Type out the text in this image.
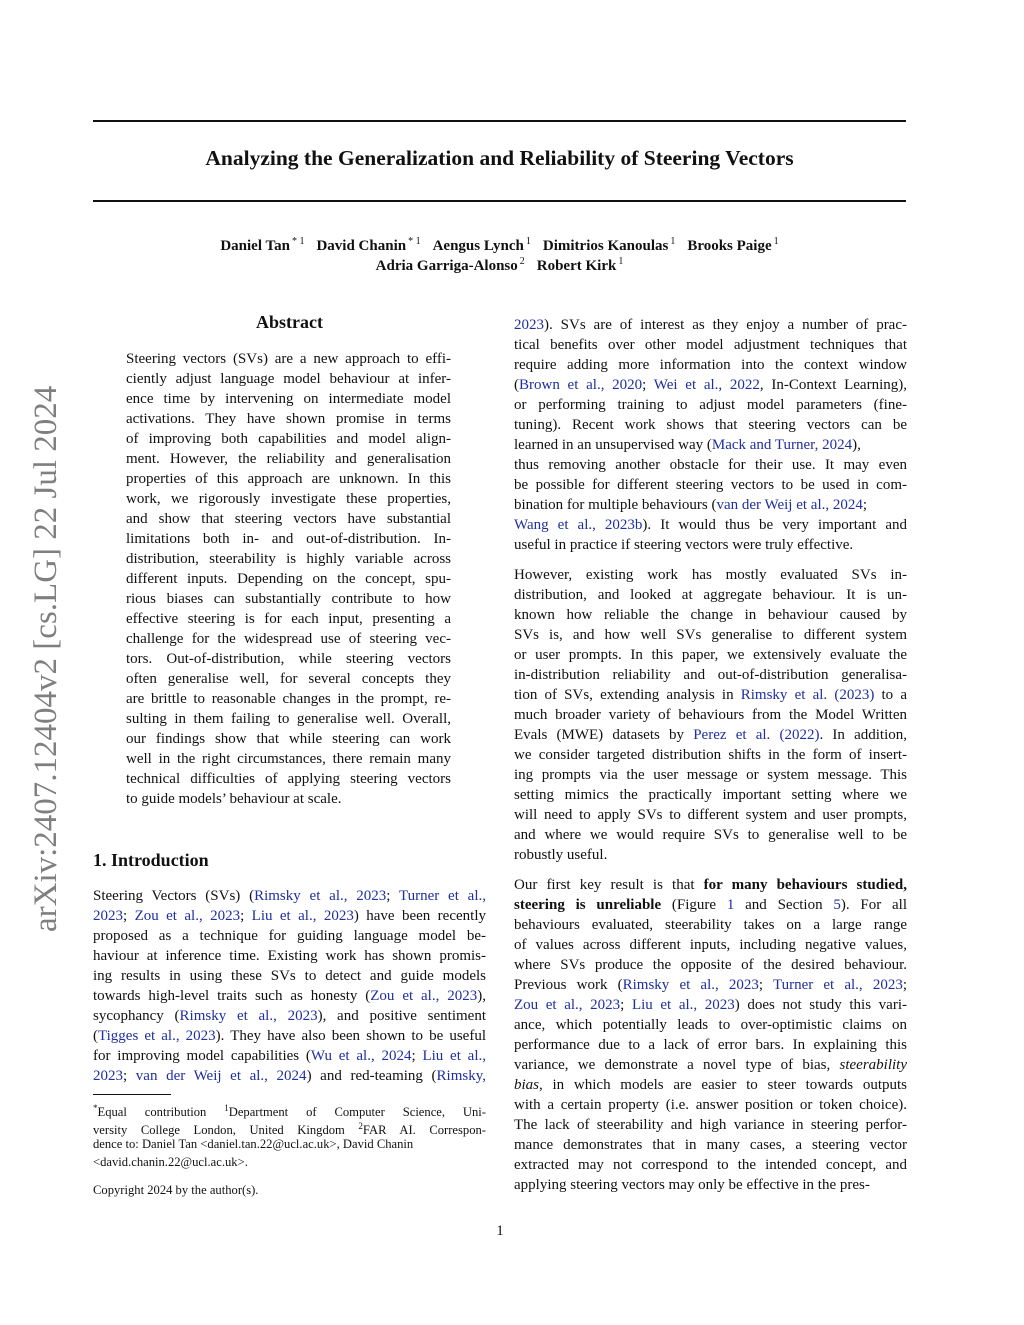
Analyzing the Generalization and Reliability of Steering Vectors
Daniel Tan $^{* 1}$ David Chanin $^{* 1}$ Aengus Lynch $^1$ Dimitrios Kanoulas $^1$ Brooks Paige $^1$
Adria Garriga-Alonso $^2$ Robert Kirk $^1$
arXiv:2407.12404v2 [cs.LG] 22 Jul 2024
Abstract
Steering vectors (SVs) are a new approach to effi-
ciently adjust language model behaviour at infer-
ence time by intervening on intermediate model
activations. They have shown promise in terms
of improving both capabilities and model align-
ment. However, the reliability and generalisation
properties of this approach are unknown. In this
work, we rigorously investigate these properties,
and show that steering vectors have substantial
limitations both in- and out-of-distribution. In-
distribution, steerability is highly variable across
different inputs. Depending on the concept, spu-
rious biases can substantially contribute to how
effective steering is for each input, presenting a
challenge for the widespread use of steering vec-
tors. Out-of-distribution, while steering vectors
often generalise well, for several concepts they
are brittle to reasonable changes in the prompt, re-
sulting in them failing to generalise well. Overall,
our findings show that while steering can work
well in the right circumstances, there remain many
technical difficulties of applying steering vectors
to guide models’ behaviour at scale.
1. Introduction
Steering Vectors (SVs) (Rimsky et al., 2023; Turner et al.,
2023; Zou et al., 2023; Liu et al., 2023) have been recently
proposed as a technique for guiding language model be-
haviour at inference time. Existing work has shown promis-
ing results in using these SVs to detect and guide models
towards high-level traits such as honesty (Zou et al., 2023),
sycophancy (Rimsky et al., 2023), and positive sentiment
(Tigges et al., 2023). They have also been shown to be useful
for improving model capabilities (Wu et al., 2024; Liu et al.,
2023; van der Weij et al., 2024) and red-teaming (Rimsky,
*Equal contribution $^1$Department of Computer Science, Uni-
versity College London, United Kingdom $^2$FAR AI. Correspon-
dence to: Daniel Tan <daniel.tan.22@ucl.ac.uk>, David Chanin
<david.chanin.22@ucl.ac.uk>.
Copyright 2024 by the author(s).
2023). SVs are of interest as they enjoy a number of prac-
tical benefits over other model adjustment techniques that
require adding more information into the context window
(Brown et al., 2020; Wei et al., 2022, In-Context Learning),
or performing training to adjust model parameters (fine-
tuning). Recent work shows that steering vectors can be
learned in an unsupervised way (Mack and Turner, 2024),
thus removing another obstacle for their use. It may even
be possible for different steering vectors to be used in com-
bination for multiple behaviours (van der Weij et al., 2024;
Wang et al., 2023b). It would thus be very important and
useful in practice if steering vectors were truly effective.
However, existing work has mostly evaluated SVs in-
distribution, and looked at aggregate behaviour. It is un-
known how reliable the change in behaviour caused by
SVs is, and how well SVs generalise to different system
or user prompts. In this paper, we extensively evaluate the
in-distribution reliability and out-of-distribution generalisa-
tion of SVs, extending analysis in Rimsky et al. (2023) to a
much broader variety of behaviours from the Model Written
Evals (MWE) datasets by Perez et al. (2022). In addition,
we consider targeted distribution shifts in the form of insert-
ing prompts via the user message or system message. This
setting mimics the practically important setting where we
will need to apply SVs to different system and user prompts,
and where we would require SVs to generalise well to be
robustly useful.
Our first key result is that for many behaviours studied,
steering is unreliable (Figure 1 and Section 5). For all
behaviours evaluated, steerability takes on a large range
of values across different inputs, including negative values,
where SVs produce the opposite of the desired behaviour.
Previous work (Rimsky et al., 2023; Turner et al., 2023;
Zou et al., 2023; Liu et al., 2023) does not study this vari-
ance, which potentially leads to over-optimistic claims on
performance due to a lack of error bars. In explaining this
variance, we demonstrate a novel type of bias, steerability
bias, in which models are easier to steer towards outputs
with a certain property (i.e. answer position or token choice).
The lack of steerability and high variance in steering perfor-
mance demonstrates that in many cases, a steering vector
extracted may not correspond to the intended concept, and
applying steering vectors may only be effective in the pres-
1
